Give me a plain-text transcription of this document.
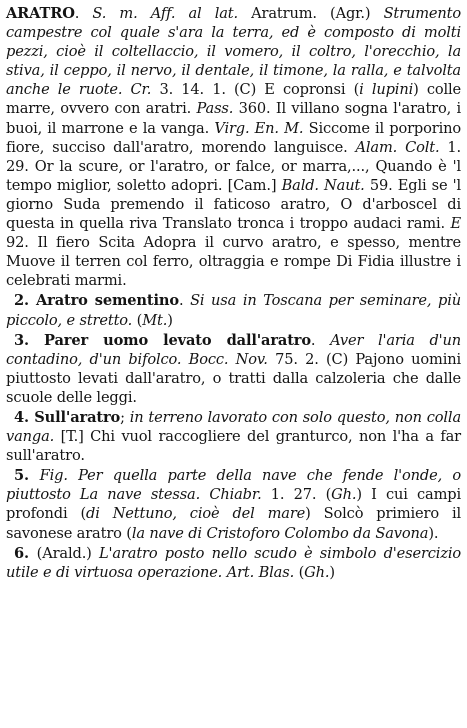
ARATRO. S. m. Aff. al lat. Aratrum. (Agr.) Strumento campestre col quale s'ara la terra, ed è composto di molti pezzi, cioè il coltellaccio, il vomero, il coltro, l'orecchio, la stiva, il ceppo, il nervo, il dentale, il timone, la ralla, e talvolta anche le ruote. Cr. 3. 14. 1. (C) E copronsi (i lupini) colle marre, ovvero con aratri. Pass. 360. Il villano sogna l'aratro, i buoi, il marrone e la vanga. Virg. En. M. Siccome il porporino fiore, succiso dall'aratro, morendo languisce. Alam. Colt. 1. 29. Or la scure, or l'aratro, or falce, or marra,..., Quando è 'l tempo miglior, soletto adopri. [Cam.] Bald. Naut. 59. Egli se 'l giorno Suda premendo il faticoso aratro, O d'arboscel di questa in quella riva Translato tronca i troppo audaci rami. E 92. Il fiero Scita Adopra il curvo aratro, e spesso, mentre Muove il terren col ferro, oltraggia e rompe Di Fidia illustre i celebrati marmi.

2. Aratro sementino. Si usa in Toscana per seminare, più piccolo, e stretto. (Mt.)

3. Parer uomo levato dall'aratro. Aver l'aria d'un contadino, d'un bifolco. Bocc. Nov. 75. 2. (C) Pajono uomini piuttosto levati dall'aratro, o tratti dalla calzoleria che dalle scuole delle leggi.

4. Sull'aratro; in terreno lavorato con solo questo, non colla vanga. [T.] Chi vuol raccogliere del granturco, non l'ha a far sull'aratro.

5. Fig. Per quella parte della nave che fende l'onde, o piuttosto La nave stessa. Chiabr. 1. 27. (Gh.) I cui campi profondi (di Nettuno, cioè del mare) Solcò primiero il savonese aratro (la nave di Cristoforo Colombo da Savona).

6. (Arald.) L'aratro posto nello scudo è simbolo d'esercizio utile e di virtuosa operazione. Art. Blas. (Gh.)
